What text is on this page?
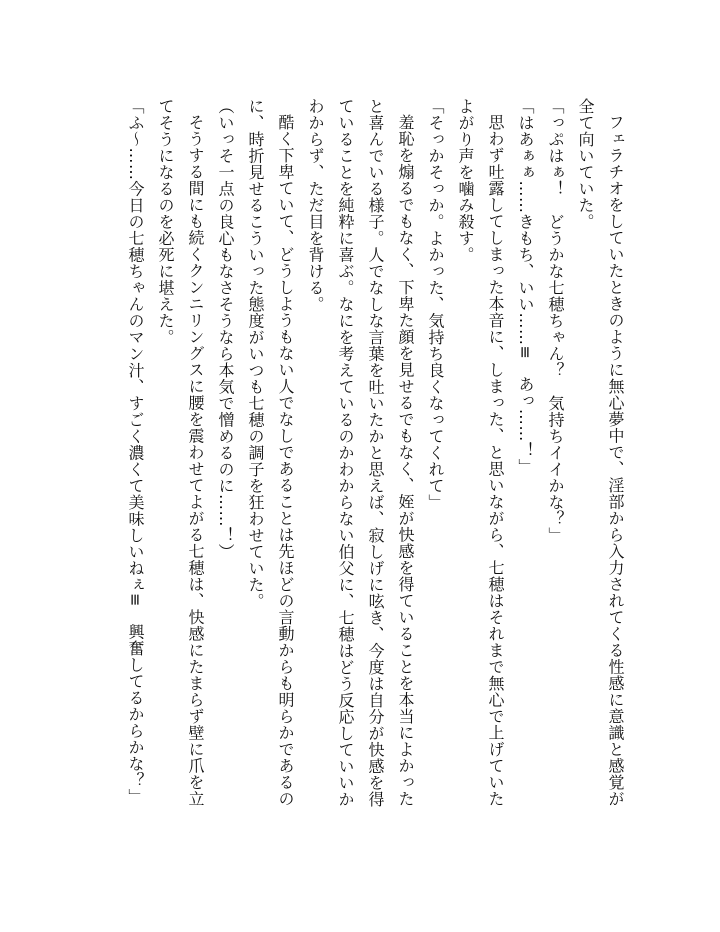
フェラチオをしていたときのように無心夢中で、淫部から入力されてくる性感に意識と感覚が
全て向いていた。
「っぷはぁ！　どうかな七穂ちゃん？　気持ちイイかな？」
「はあぁぁ……きもち、いい……≡　あっ……！」
思わず吐露してしまった本音に、しまった、と思いながら、七穂はそれまで無心で上げていた
よがり声を噛み殺す。
「そっかそっか。よかった、気持ち良くなってくれて」
羞恥を煽るでもなく、下卑た顔を見せるでもなく、姪が快感を得ていることを本当によかった
と喜んでいる様子。人でなしな言葉を吐いたかと思えば、寂しげに呟き、今度は自分が快感を得
ていることを純粋に喜ぶ。なにを考えているのかわからない伯父に、七穂はどう反応していいか
わからず、ただ目を背ける。
酷く下卑ていて、どうしようもない人でなしであることは先ほどの言動からも明らかであるの
に、時折見せるこういった態度がいつも七穂の調子を狂わせていた。
（いっそ一点の良心もなさそうなら本気で憎めるのに……！）
そうする間にも続くクンニリングスに腰を震わせてよがる七穂は、快感にたまらず壁に爪を立
てそうになるのを必死に堪えた。
「ふ〜……今日の七穂ちゃんのマン汁、すごく濃くて美味しいねぇ≡　興奮してるからかな？」
